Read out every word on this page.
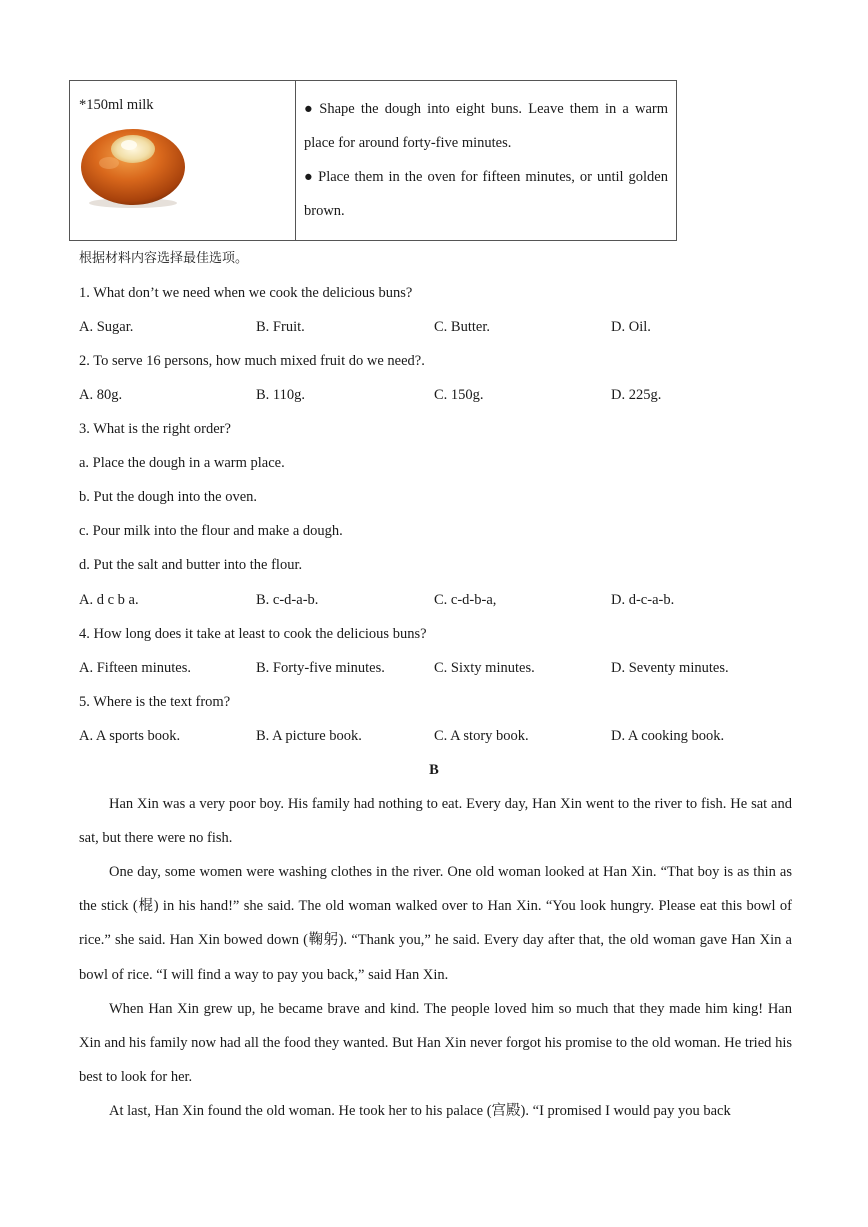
*150ml milk	● Shape the dough into eight buns. Leave them in a warm place for around forty-five minutes.
● Place them in the oven for fifteen minutes, or until golden brown.
根据材料内容选择最佳选项。
1. What don’t we need when we cook the delicious buns?
A. Sugar.	B. Fruit.	C. Butter.	D. Oil.
2. To serve 16 persons, how much mixed fruit do we need?.
A. 80g.	B. 110g.	C. 150g.	D. 225g.
3. What is the right order?
a. Place the dough in a warm place.
b. Put the dough into the oven.
c. Pour milk into the flour and make a dough.
d. Put the salt and butter into the flour.
A. d c b a.	B. c-d-a-b.	C. c-d-b-a,	D. d-c-a-b.
4. How long does it take at least to cook the delicious buns?
A. Fifteen minutes.	B. Forty-five minutes.	C. Sixty minutes.	D. Seventy minutes.
5. Where is the text from?
A. A sports book.	B. A picture book.	C. A story book.	D. A cooking book.
B
Han Xin was a very poor boy. His family had nothing to eat. Every day, Han Xin went to the river to fish. He sat and sat, but there were no fish.
One day, some women were washing clothes in the river. One old woman looked at Han Xin. “That boy is as thin as the stick (棍) in his hand!” she said. The old woman walked over to Han Xin. “You look hungry. Please eat this bowl of rice.” she said. Han Xin bowed down (鞠躬). “Thank you,” he said. Every day after that, the old woman gave Han Xin a bowl of rice. “I will find a way to pay you back,” said Han Xin.
When Han Xin grew up, he became brave and kind. The people loved him so much that they made him king! Han Xin and his family now had all the food they wanted. But Han Xin never forgot his promise to the old woman. He tried his best to look for her.
At last, Han Xin found the old woman. He took her to his palace (宫殿). “I promised I would pay you back
